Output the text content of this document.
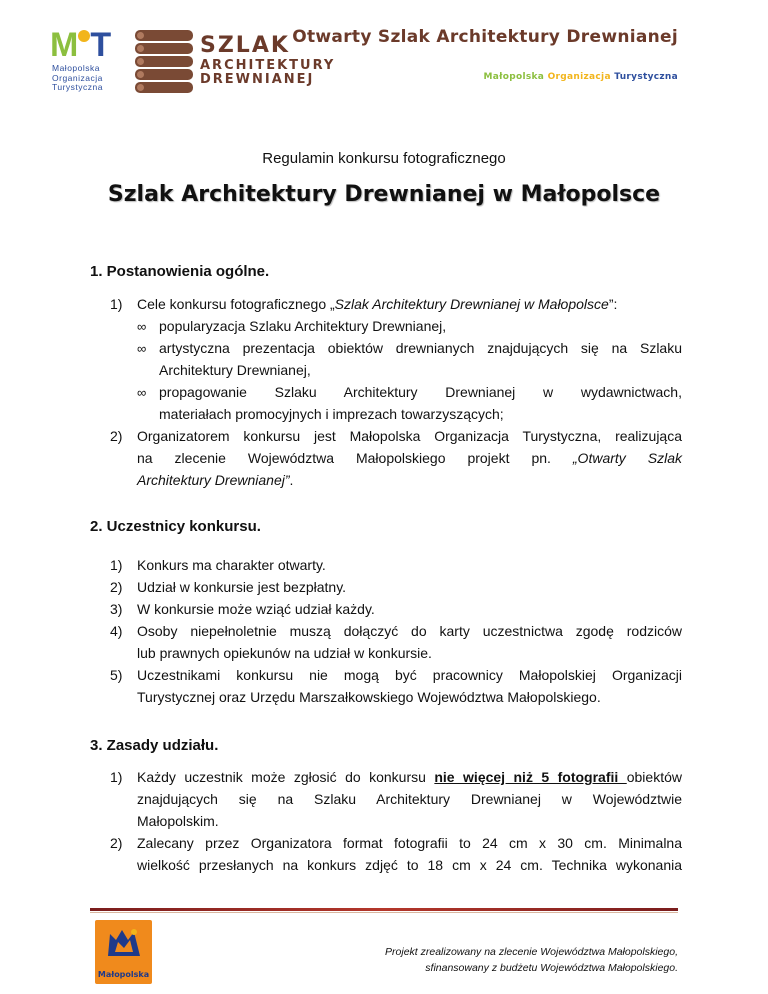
M T
Małopolska
Organizacja
Turystyczna
SZLAK
ARCHITEKTURY
DREWNIANEJ
Otwarty Szlak Architektury Drewnianej
Małopolska Organizacja Turystyczna
Regulamin konkursu fotograficznego
Szlak Architektury Drewnianej w Małopolsce
1. Postanowienia ogólne.
1) Cele konkursu fotograficznego „Szlak Architektury Drewnianej w Małopolsce”:
∞ popularyzacja Szlaku Architektury Drewnianej,
∞ artystyczna prezentacja obiektów drewnianych znajdujących się na Szlaku
Architektury Drewnianej,
∞ propagowanie Szlaku Architektury Drewnianej w wydawnictwach,
materiałach promocyjnych i imprezach towarzyszących;
2) Organizatorem konkursu jest Małopolska Organizacja Turystyczna, realizująca
na zlecenie Województwa Małopolskiego projekt pn. „Otwarty Szlak
Architektury Drewnianej”.
2. Uczestnicy konkursu.
1) Konkurs ma charakter otwarty.
2) Udział w konkursie jest bezpłatny.
3) W konkursie może wziąć udział każdy.
4) Osoby niepełnoletnie muszą dołączyć do karty uczestnictwa zgodę rodziców
lub prawnych opiekunów na udział w konkursie.
5) Uczestnikami konkursu nie mogą być pracownicy Małopolskiej Organizacji
Turystycznej oraz Urzędu Marszałkowskiego Województwa Małopolskiego.
3. Zasady udziału.
1) Każdy uczestnik może zgłosić do konkursu nie więcej niż 5 fotografii obiektów
znajdujących się na Szlaku Architektury Drewnianej w Województwie
Małopolskim.
2) Zalecany przez Organizatora format fotografii to 24 cm x 30 cm. Minimalna
wielkość przesłanych na konkurs zdjęć to 18 cm x 24 cm. Technika wykonania
Małopolska
Projekt zrealizowany na zlecenie Województwa Małopolskiego,
sfinansowany z budżetu Województwa Małopolskiego.
